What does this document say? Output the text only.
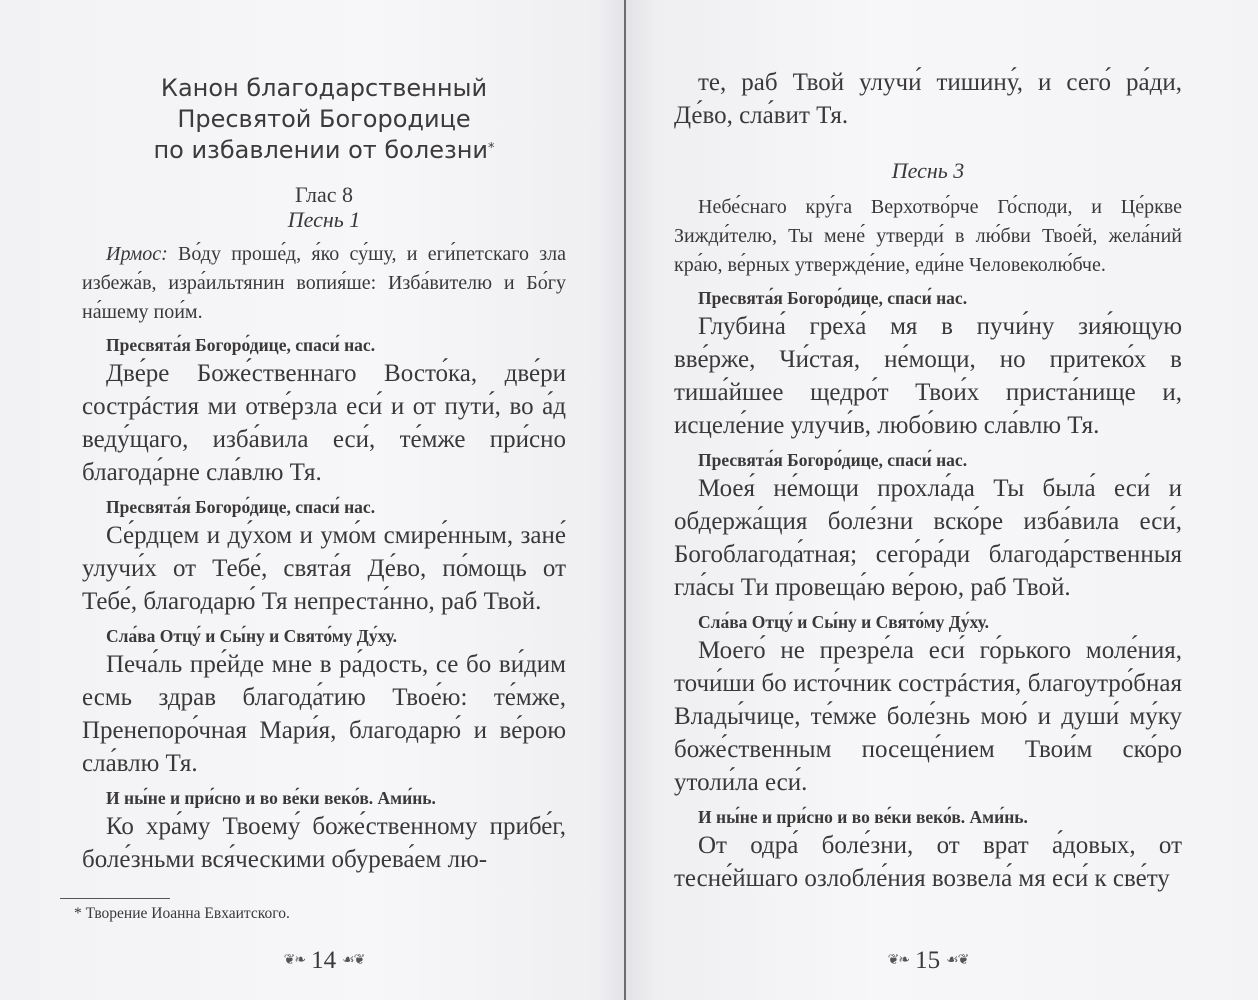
Канон благодарственный
Пресвятой Богородице
по избавлении от болезни*
Глас 8
Песнь 1
Ирмос: Во́ду проше́д, я́ко су́шу, и еги́петскаго зла избежа́в, изра́ильтянин вопия́ше: Изба́вителю и Бо́гу на́шему пои́м.
Пресвята́я Богоро́дице, спаси́ нас.
Две́ре Боже́ственнаго Восто́ка, две́ри сострáстия ми отве́рзла еси́ и от пути́, во а́д веду́щаго, изба́вила еси́, те́мже при́сно благода́рне сла́влю Тя.
Пресвята́я Богоро́дице, спаси́ нас.
Се́рдцем и ду́хом и умо́м смире́нным, зане́ улучи́х от Тебе́, свята́я Де́во, по́мощь от Тебе́, благодарю́ Тя непреста́нно, раб Твой.
Сла́ва Отцу́ и Сы́ну и Свято́му Ду́ху.
Печа́ль пре́йде мне в ра́дость, се бо ви́дим есмь здрав благода́тию Твое́ю: те́мже, Пренепоро́чная Мари́я, благодарю́ и ве́рою сла́влю Тя.
И ны́не и при́сно и во ве́ки веко́в. Ами́нь.
Ко хра́му Твоему́ боже́ственному прибе́г, боле́зньми вся́ческими обурева́ем лю-
* Творение Иоанна Евхаитского.
❦❧ 14 ☙❦
те, раб Твой улучи́ тишину́, и сего́ ра́ди, Де́во, сла́вит Тя.
Песнь 3
Небе́снаго кру́га Верхотво́рче Го́споди, и Це́ркве Зижди́телю, Ты мене́ утверди́ в лю́бви Твое́й, жела́ний кра́ю, ве́рных утвержде́ние, еди́не Человеколю́бче.
Пресвята́я Богоро́дице, спаси́ нас.
Глубина́ греха́ мя в пучи́ну зия́ющую вве́рже, Чи́стая, не́мощи, но притеко́х в тиша́йшее щедро́т Твои́х приста́нище и, исцеле́ние улучи́в, любо́вию сла́влю Тя.
Пресвята́я Богоро́дице, спаси́ нас.
Моея́ не́мощи прохла́да Ты была́ еси́ и обдержа́щия боле́зни вско́ре изба́вила еси́, Богоблагода́тная; сего́ра́ди благода́рственныя гла́сы Ти провеща́ю ве́рою, раб Твой.
Сла́ва Отцу́ и Сы́ну и Свято́му Ду́ху.
Моего́ не презре́ла еси́ го́рького моле́ния, точи́ши бо исто́чник сострáстия, благоутро́бная Влады́чице, те́мже боле́знь мою́ и души́ му́ку боже́ственным посеще́нием Твои́м ско́ро утоли́ла еси́.
И ны́не и при́сно и во ве́ки веко́в. Ами́нь.
От одра́ боле́зни, от врат а́довых, от тесне́йшаго озлобле́ния возвела́ мя еси́ к све́ту
❦❧ 15 ☙❦
